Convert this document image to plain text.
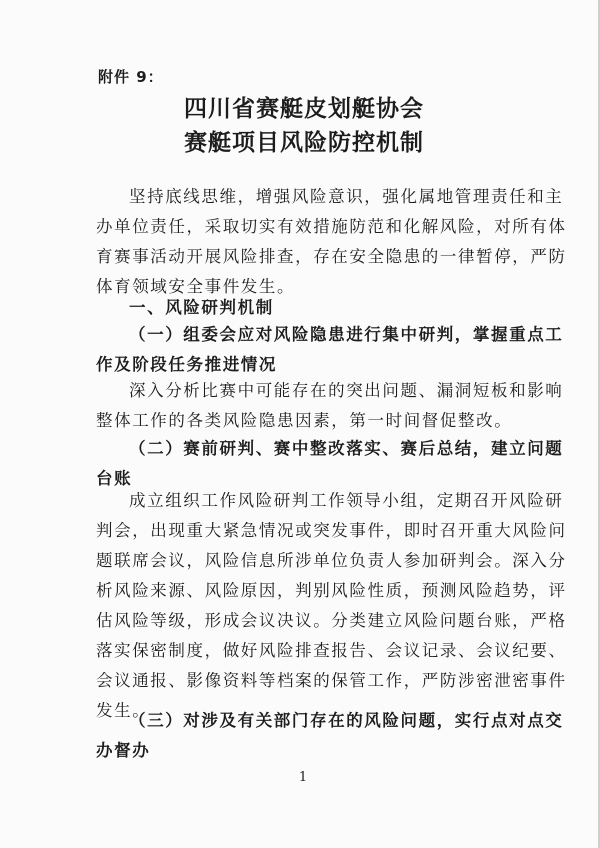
附件 9：
四川省赛艇皮划艇协会
赛艇项目风险防控机制
坚持底线思维，增强风险意识，强化属地管理责任和主
办单位责任，采取切实有效措施防范和化解风险，对所有体
育赛事活动开展风险排查，存在安全隐患的一律暂停，严防
体育领域安全事件发生。
一、风险研判机制
（一）组委会应对风险隐患进行集中研判，掌握重点工
作及阶段任务推进情况
深入分析比赛中可能存在的突出问题、漏洞短板和影响
整体工作的各类风险隐患因素，第一时间督促整改。
（二）赛前研判、赛中整改落实、赛后总结，建立问题
台账
成立组织工作风险研判工作领导小组，定期召开风险研
判会，出现重大紧急情况或突发事件，即时召开重大风险问
题联席会议，风险信息所涉单位负责人参加研判会。深入分
析风险来源、风险原因，判别风险性质，预测风险趋势，评
估风险等级，形成会议决议。分类建立风险问题台账，严格
落实保密制度，做好风险排查报告、会议记录、会议纪要、
会议通报、影像资料等档案的保管工作，严防涉密泄密事件
发生。
（三）对涉及有关部门存在的风险问题，实行点对点交
办督办
1
